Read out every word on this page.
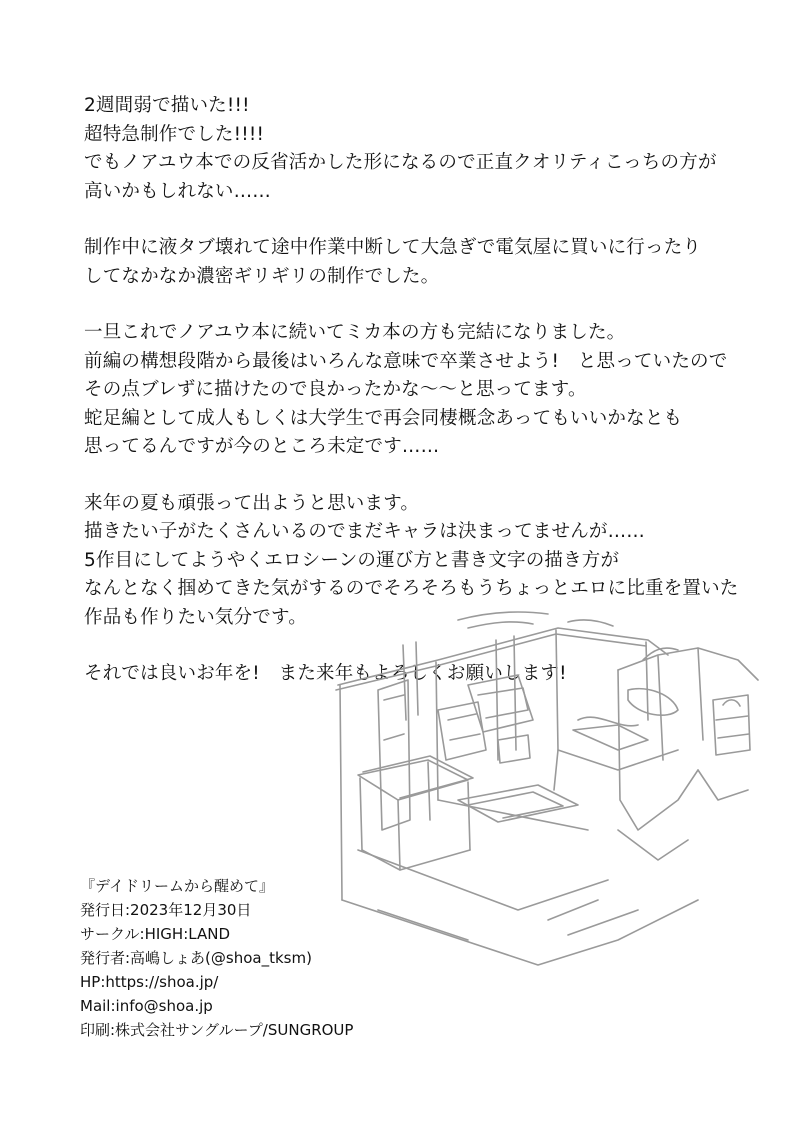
2週間弱で描いた!!!
超特急制作でした!!!!
でもノアユウ本での反省活かした形になるので正直クオリティこっちの方が
高いかもしれない……
制作中に液タブ壊れて途中作業中断して大急ぎで電気屋に買いに行ったり
してなかなか濃密ギリギリの制作でした。
一旦これでノアユウ本に続いてミカ本の方も完結になりました。
前編の構想段階から最後はいろんな意味で卒業させよう!　と思っていたので
その点ブレずに描けたので良かったかな～～と思ってます。
蛇足編として成人もしくは大学生で再会同棲概念あってもいいかなとも
思ってるんですが今のところ未定です……
来年の夏も頑張って出ようと思います。
描きたい子がたくさんいるのでまだキャラは決まってませんが……
5作目にしてようやくエロシーンの運び方と書き文字の描き方が
なんとなく掴めてきた気がするのでそろそろもうちょっとエロに比重を置いた
作品も作りたい気分です。
それでは良いお年を!　また来年もよろしくお願いします!
『デイドリームから醒めて』
発行日:2023年12月30日
サークル:HIGH:LAND
発行者:高嶋しょあ(@shoa_tksm)
HP:https://shoa.jp/
Mail:info@shoa.jp
印刷:株式会社サングループ/SUNGROUP
